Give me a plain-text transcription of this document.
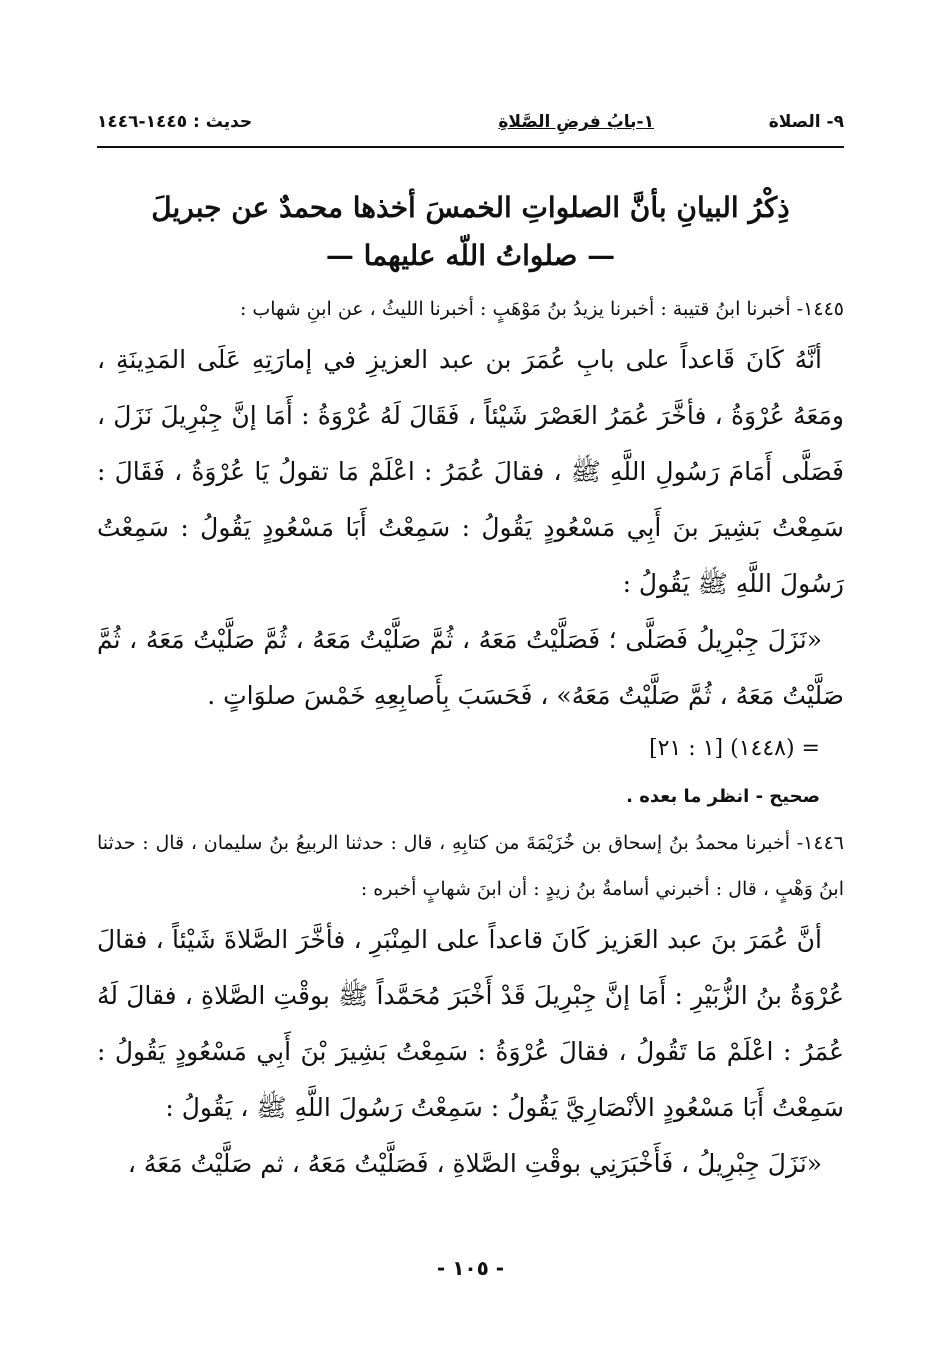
٩- الصلاة
١-بابُ فرضِ الصَّلاةِ
حديث : ١٤٤٥-١٤٤٦
ذِكْرُ البيانِ بأنَّ الصلواتِ الخمسَ أخذها محمدٌ عن جبريلَ
— صلواتُ اللّه عليهما —

١٤٤٥- أخبرنا ابنُ قتيبة : أخبرنا يزيدُ بنُ مَوْهَبٍ : أخبرنا الليثُ ، عن ابنِ شهاب :

أنَّهُ كَانَ قَاعداً على بابِ عُمَرَ بن عبد العزيزِ في إمارَتِهِ عَلَى المَدِينَةِ ، ومَعَهُ عُرْوَةُ ، فأخَّرَ عُمَرُ العَصْرَ شَيْئاً ، فَقَالَ لَهُ عُرْوَةُ : أَمَا إنَّ جِبْرِيلَ نَزَلَ ، فَصَلَّى أَمَامَ رَسُولِ اللَّهِ ﷺ ، فقالَ عُمَرُ : اعْلَمْ مَا تقولُ يَا عُرْوَةُ ، فَقَالَ : سَمِعْتُ بَشِيرَ بنَ أَبِي مَسْعُودٍ يَقُولُ : سَمِعْتُ أَبَا مَسْعُودٍ يَقُولُ : سَمِعْتُ رَسُولَ اللَّهِ ﷺ يَقُولُ :

«نَزَلَ جِبْرِيلُ فَصَلَّى ؛ فَصَلَّيْتُ مَعَهُ ، ثُمَّ صَلَّيْتُ مَعَهُ ، ثُمَّ صَلَّيْتُ مَعَهُ ، ثُمَّ صَلَّيْتُ مَعَهُ ، ثُمَّ صَلَّيْتُ مَعَهُ» ، فَحَسَبَ بِأَصابِعِهِ خَمْسَ صلوَاتٍ .

= (١٤٤٨) [١ : ٢١]

صحيح - انظر ما بعده .

١٤٤٦- أخبرنا محمدُ بنُ إسحاق بن خُزَيْمَةَ من كتابِهِ ، قال : حدثنا الربيعُ بنُ سليمان ، قال : حدثنا ابنُ وَهْبٍ ، قال : أخبرني أسامةُ بنُ زيدٍ : أن ابنَ شهابٍ أخبره :

أنَّ عُمَرَ بنَ عبد العَزيز كَانَ قاعداً على المِنْبَرِ ، فأخَّرَ الصَّلاةَ شَيْئاً ، فقالَ عُرْوَةُ بنُ الزُّبَيْرِ : أَمَا إنَّ جِبْرِيلَ قَدْ أَخْبَرَ مُحَمَّداً ﷺ بوقْتِ الصَّلاةِ ، فقالَ لَهُ عُمَرُ : اعْلَمْ مَا تَقُولُ ، فقالَ عُرْوَةُ : سَمِعْتُ بَشِيرَ بْنَ أَبِي مَسْعُودٍ يَقُولُ : سَمِعْتُ أَبَا مَسْعُودٍ الأنْصَارِيَّ يَقُولُ : سَمِعْتُ رَسُولَ اللَّهِ ﷺ ، يَقُولُ :

«نَزَلَ جِبْرِيلُ ، فَأَخْبَرَنِي بوقْتِ الصَّلاةِ ، فَصَلَّيْتُ مَعَهُ ، ثم صَلَّيْتُ مَعَهُ ،

- ١٠٥ -
